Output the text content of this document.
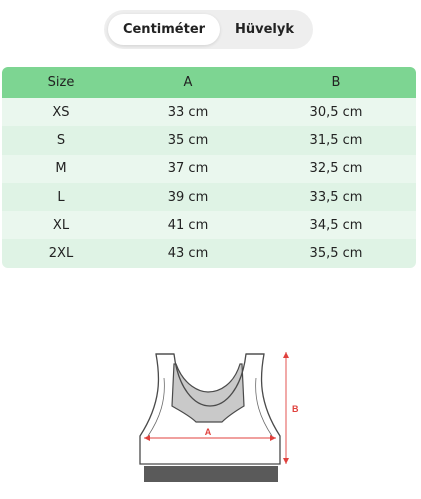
Centiméter	Hüvelyk
Size	A	B
XS	33 cm	30,5 cm
S	35 cm	31,5 cm
M	37 cm	32,5 cm
L	39 cm	33,5 cm
XL	41 cm	34,5 cm
2XL	43 cm	35,5 cm
A
B
